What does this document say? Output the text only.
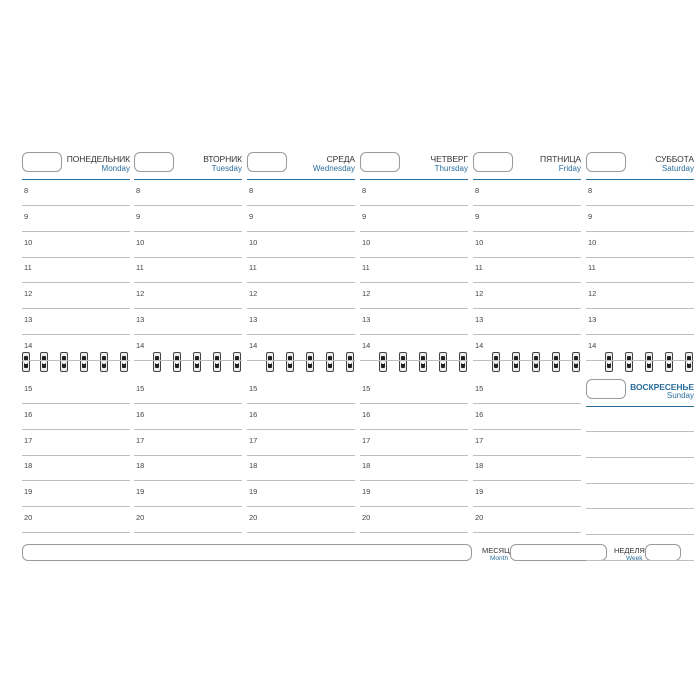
МЕСЯЦ
Month
НЕДЕЛЯ
Week
ПОНЕДЕЛЬНИК
Monday
8
9
10
11
12
13
14
15
16
17
18
19
20
ВТОРНИК
Tuesday
8
9
10
11
12
13
14
15
16
17
18
19
20
СРЕДА
Wednesday
8
9
10
11
12
13
14
15
16
17
18
19
20
ЧЕТВЕРГ
Thursday
8
9
10
11
12
13
14
15
16
17
18
19
20
ПЯТНИЦА
Friday
8
9
10
11
12
13
14
15
16
17
18
19
20
СУББОТА
Saturday
8
9
10
11
12
13
14
ВОСКРЕСЕНЬЕ
Sunday
